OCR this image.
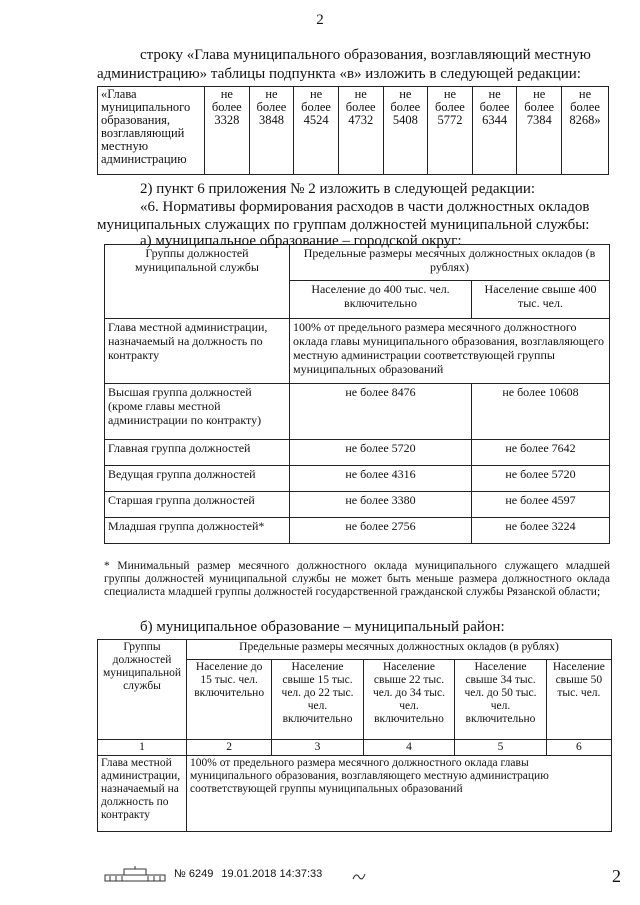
2
строку «Глава муниципального образования, возглавляющий местную
администрацию» таблицы подпункта «в» изложить в следующей редакции:
«Глава муниципального образования, возглавляющий местную администрацию	не более 3328	не более 3848	не более 4524	не более 4732	не более 5408	не более 5772	не более 6344	не более 7384	не более 8268»
2) пункт 6 приложения № 2 изложить в следующей редакции:
«6. Нормативы формирования расходов в части должностных окладов
муниципальных служащих по группам должностей муниципальной службы:
а) муниципальное образование – городской округ:
Группы должностей муниципальной службы	Предельные размеры месячных должностных окладов (в рублях)	
	Население до 400 тыс. чел. включительно	Население свыше 400 тыс. чел.
Глава местной администрации, назначаемый на должность по контракту	100% от предельного размера месячного должностного оклада главы муниципального образования, возглавляющего местную администрации соответствующей группы муниципальных образований	
Высшая группа должностей (кроме главы местной администрации по контракту)	не более 8476	не более 10608
Главная группа должностей	не более 5720	не более 7642
Ведущая группа должностей	не более 4316	не более 5720
Старшая группа должностей	не более 3380	не более 4597
Младшая группа должностей*	не более 2756	не более 3224
* Минимальный размер месячного должностного оклада муниципального служащего младшей группы должностей муниципальной службы не может быть меньше размера должностного оклада специалиста младшей группы должностей государственной гражданской службы Рязанской области;
б) муниципальное образование – муниципальный район:
Группы должностей муниципальной службы	Предельные размеры месячных должностных окладов (в рублях)				
	Население до 15 тыс. чел. включительно	Население свыше 15 тыс. чел. до 22 тыс. чел. включительно	Население свыше 22 тыс. чел. до 34 тыс. чел. включительно	Население свыше 34 тыс. чел. до 50 тыс. чел. включительно	Население свыше 50 тыс. чел.
1	2	3	4	5	6
Глава местной администрации, назначаемый на должность по контракту	100% от предельного размера месячного должностного оклада главы муниципального образования, возглавляющего местную администрацию соответствующей группы муниципальных образований				
№ 6249 19.01.2018 14:37:33	2
